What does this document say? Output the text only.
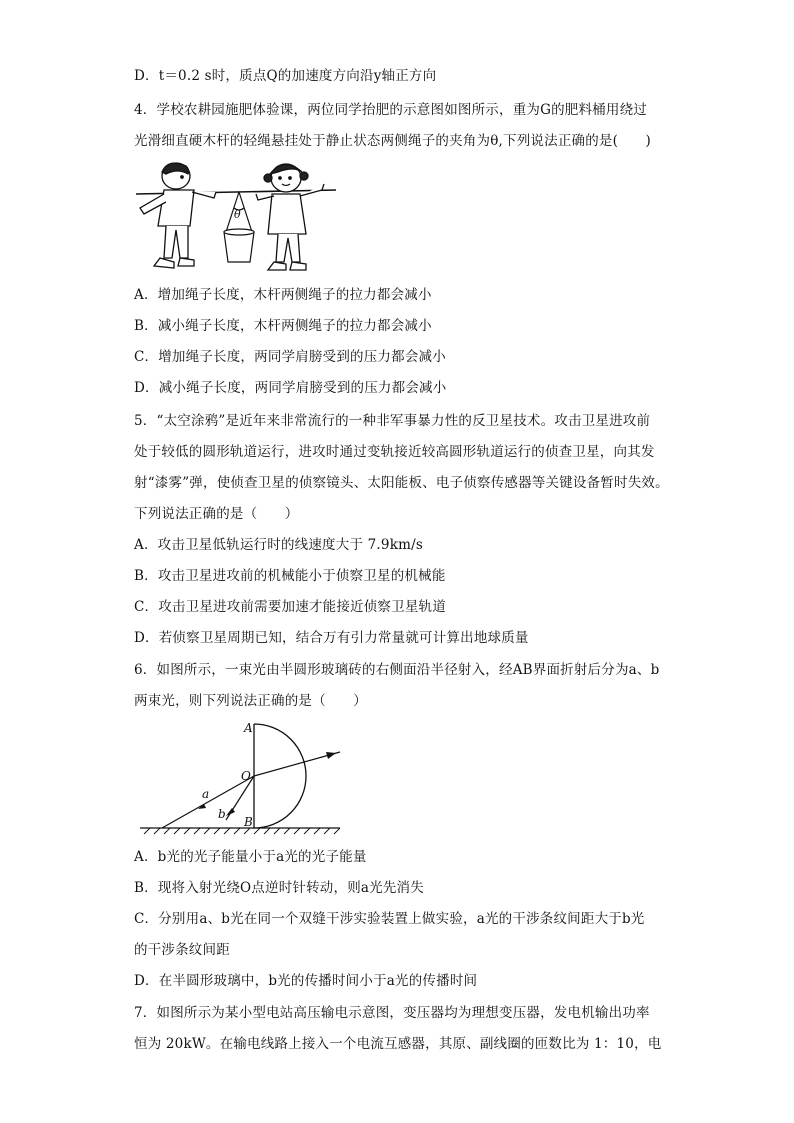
D．t＝0.2 s时，质点Q的加速度方向沿y轴正方向
4．学校农耕园施肥体验课，两位同学抬肥的示意图如图所示，重为G的肥料桶用绕过
光滑细直硬木杆的轻绳悬挂处于静止状态两侧绳子的夹角为θ,下列说法正确的是(　　)
θ
A．增加绳子长度，木杆两侧绳子的拉力都会减小
B．减小绳子长度，木杆两侧绳子的拉力都会减小
C．增加绳子长度，两同学肩膀受到的压力都会减小
D．减小绳子长度，两同学肩膀受到的压力都会减小
5．“太空涂鸦”是近年来非常流行的一种非军事暴力性的反卫星技术。攻击卫星进攻前
处于较低的圆形轨道运行，进攻时通过变轨接近较高圆形轨道运行的侦查卫星，向其发
射“漆雾”弹，使侦查卫星的侦察镜头、太阳能板、电子侦察传感器等关键设备暂时失效。
下列说法正确的是（　　）
A．攻击卫星低轨运行时的线速度大于 7.9km/s
B．攻击卫星进攻前的机械能小于侦察卫星的机械能
C．攻击卫星进攻前需要加速才能接近侦察卫星轨道
D．若侦察卫星周期已知，结合万有引力常量就可计算出地球质量
6．如图所示，一束光由半圆形玻璃砖的右侧面沿半径射入，经AB界面折射后分为a、b
两束光，则下列说法正确的是（　　）
A
O
B
a
b
A．b光的光子能量小于a光的光子能量
B．现将入射光绕O点逆时针转动，则a光先消失
C．分别用a、b光在同一个双缝干涉实验装置上做实验，a光的干涉条纹间距大于b光
的干涉条纹间距
D．在半圆形玻璃中，b光的传播时间小于a光的传播时间
7．如图所示为某小型电站高压输电示意图，变压器均为理想变压器，发电机输出功率
恒为 20kW。在输电线路上接入一个电流互感器，其原、副线圈的匝数比为 1：10，电
